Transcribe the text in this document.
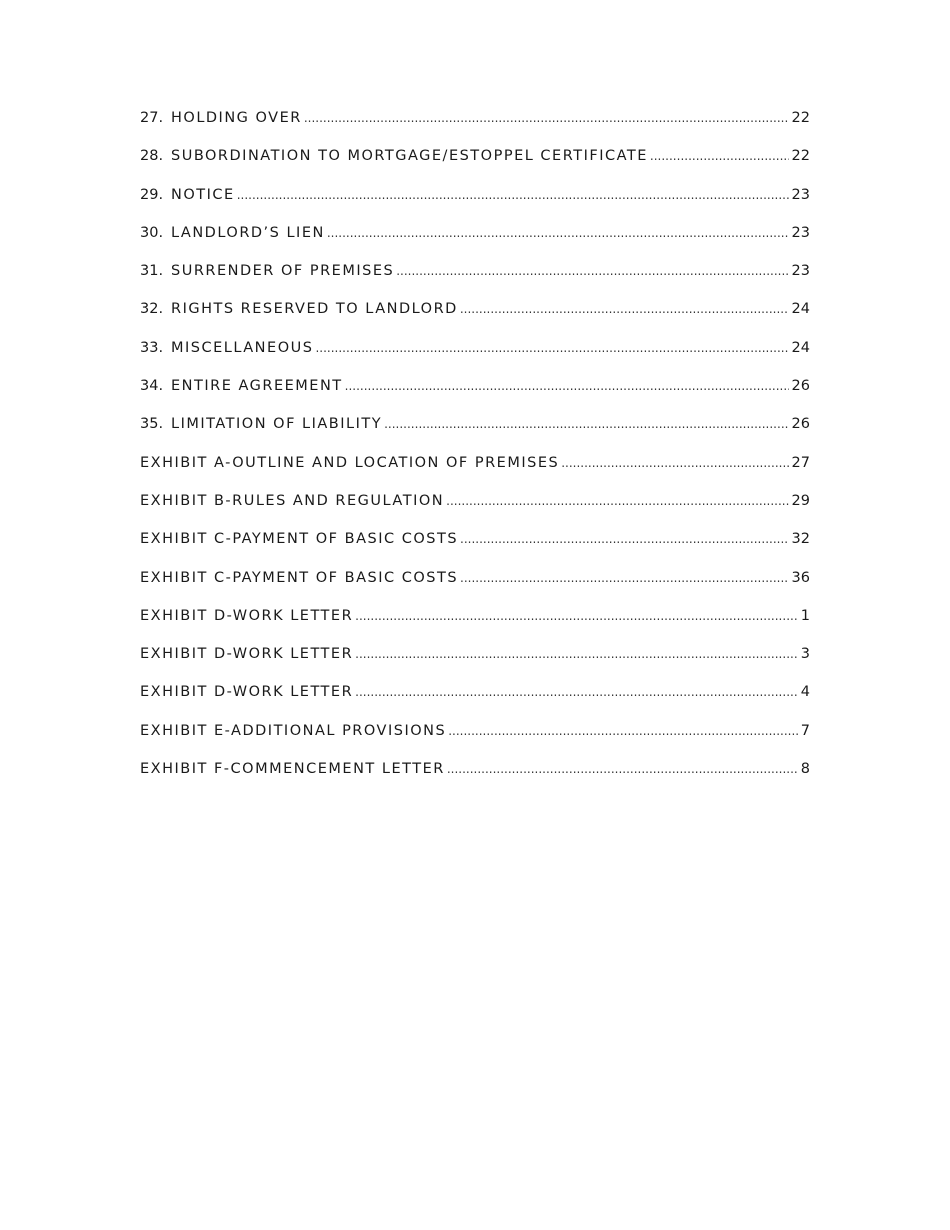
27. HOLDING OVER .....	22
28. SUBORDINATION TO MORTGAGE/ESTOPPEL CERTIFICATE .....	22
29. NOTICE .....	23
30. LANDLORD’S LIEN .....	23
31. SURRENDER OF PREMISES .....	23
32. RIGHTS RESERVED TO LANDLORD .....	24
33. MISCELLANEOUS .....	24
34. ENTIRE AGREEMENT .....	26
35. LIMITATION OF LIABILITY .....	26
EXHIBIT A-OUTLINE AND LOCATION OF PREMISES .....	27
EXHIBIT B-RULES AND REGULATION .....	29
EXHIBIT C-PAYMENT OF BASIC COSTS .....	32
EXHIBIT C-PAYMENT OF BASIC COSTS .....	36
EXHIBIT D-WORK LETTER .....	1
EXHIBIT D-WORK LETTER .....	3
EXHIBIT D-WORK LETTER .....	4
EXHIBIT E-ADDITIONAL PROVISIONS .....	7
EXHIBIT F-COMMENCEMENT LETTER .....	8
